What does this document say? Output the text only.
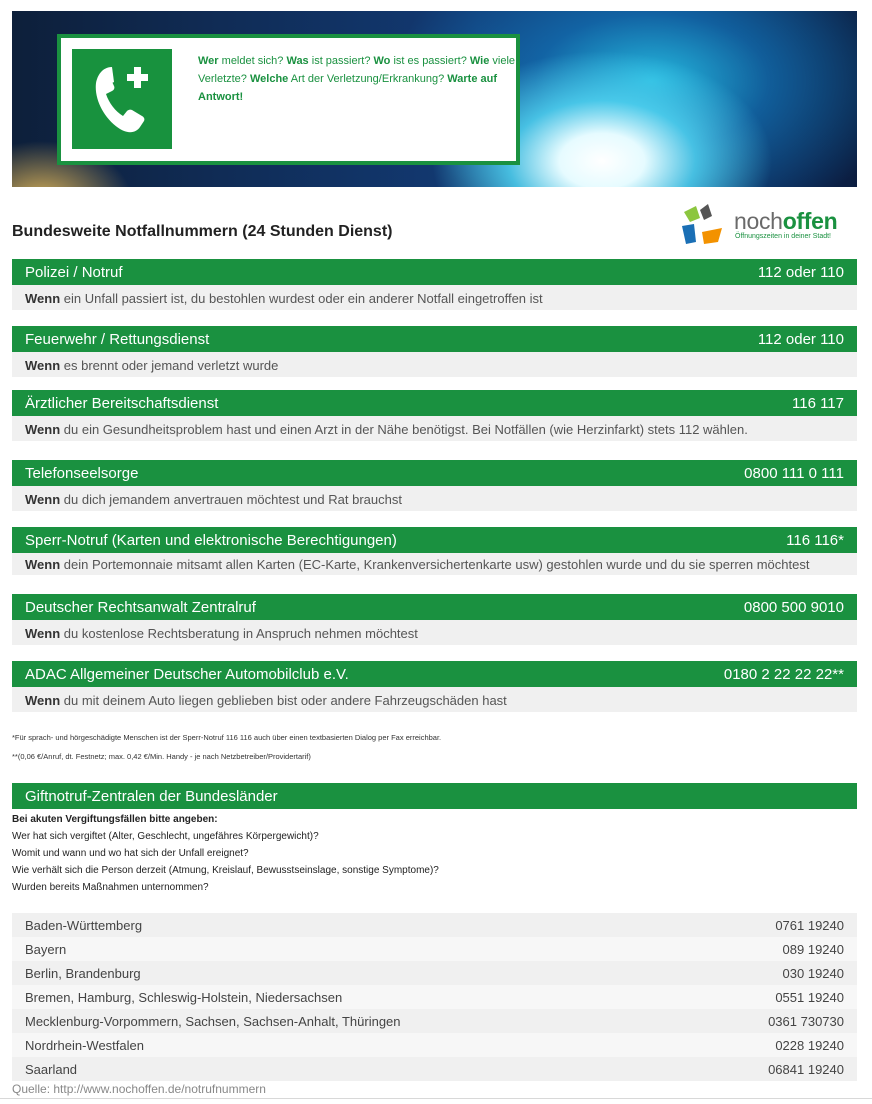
Wer meldet sich? Was ist passiert? Wo ist es passiert? Wie viele Verletzte? Welche Art der Verletzung/Erkrankung? Warte auf Antwort!
Bundesweite Notfallnummern (24 Stunden Dienst)	nochoffen
Öffnungszeiten in deiner Stadt!
Polizei / Notruf	112 oder 110
Wenn ein Unfall passiert ist, du bestohlen wurdest oder ein anderer Notfall eingetroffen ist
Feuerwehr / Rettungsdienst	112 oder 110
Wenn es brennt oder jemand verletzt wurde
Ärztlicher Bereitschaftsdienst	116 117
Wenn du ein Gesundheitsproblem hast und einen Arzt in der Nähe benötigst. Bei Notfällen (wie Herzinfarkt) stets 112 wählen.
Telefonseelsorge	0800 111 0 111
Wenn du dich jemandem anvertrauen möchtest und Rat brauchst
Sperr-Notruf (Karten und elektronische Berechtigungen)	116 116*
Wenn dein Portemonnaie mitsamt allen Karten (EC-Karte, Krankenversichertenkarte usw) gestohlen wurde und du sie sperren möchtest
Deutscher Rechtsanwalt Zentralruf	0800 500 9010
Wenn du kostenlose Rechtsberatung in Anspruch nehmen möchtest
ADAC Allgemeiner Deutscher Automobilclub e.V.	0180 2 22 22 22**
Wenn du mit deinem Auto liegen geblieben bist oder andere Fahrzeugschäden hast
*Für sprach- und hörgeschädigte Menschen ist der Sperr-Notruf 116 116 auch über einen textbasierten Dialog per Fax erreichbar.
**(0,06 €/Anruf, dt. Festnetz; max. 0,42 €/Min. Handy - je nach Netzbetreiber/Providertarif)
Giftnotruf-Zentralen der Bundesländer
Bei akuten Vergiftungsfällen bitte angeben:
Wer hat sich vergiftet (Alter, Geschlecht, ungefähres Körpergewicht)?
Womit und wann und wo hat sich der Unfall ereignet?
Wie verhält sich die Person derzeit (Atmung, Kreislauf, Bewusstseinslage, sonstige Symptome)?
Wurden bereits Maßnahmen unternommen?
Baden-Württemberg	0761 19240
Bayern	089 19240
Berlin, Brandenburg	030 19240
Bremen, Hamburg, Schleswig-Holstein, Niedersachsen	0551 19240
Mecklenburg-Vorpommern, Sachsen, Sachsen-Anhalt, Thüringen	0361 730730
Nordrhein-Westfalen	0228 19240
Saarland	06841 19240
Quelle: http://www.nochoffen.de/notrufnummern
